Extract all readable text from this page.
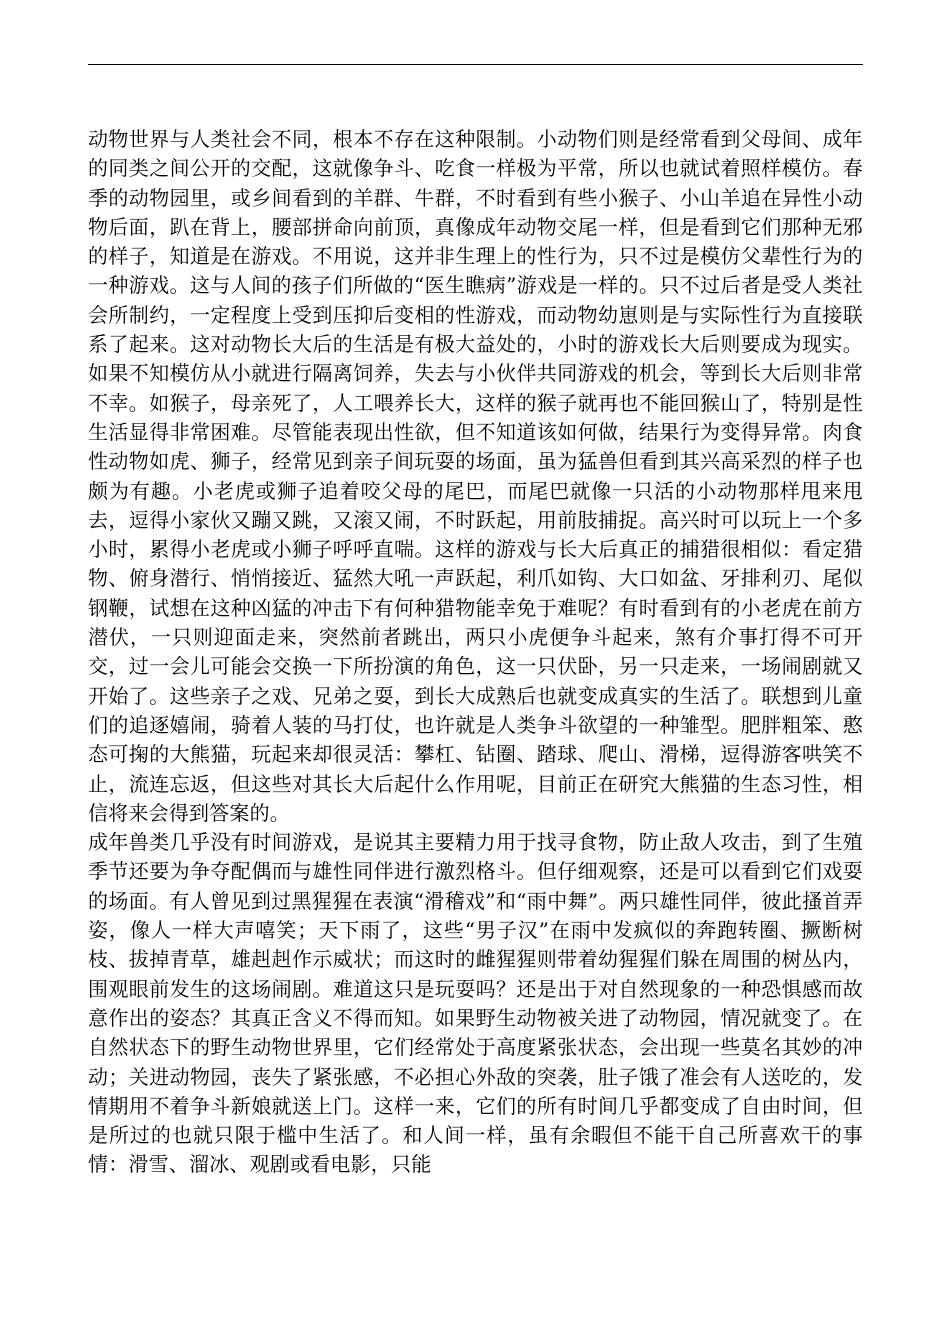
动物世界与人类社会不同，根本不存在这种限制。小动物们则是经常看到父母间、成年的同类之间公开的交配，这就像争斗、吃食一样极为平常，所以也就试着照样模仿。春季的动物园里，或乡间看到的羊群、牛群，不时看到有些小猴子、小山羊追在异性小动物后面，趴在背上，腰部拼命向前顶，真像成年动物交尾一样，但是看到它们那种无邪的样子，知道是在游戏。不用说，这并非生理上的性行为，只不过是模仿父辈性行为的一种游戏。这与人间的孩子们所做的“医生瞧病”游戏是一样的。只不过后者是受人类社会所制约，一定程度上受到压抑后变相的性游戏，而动物幼崽则是与实际性行为直接联系了起来。这对动物长大后的生活是有极大益处的，小时的游戏长大后则要成为现实。如果不知模仿从小就进行隔离饲养，失去与小伙伴共同游戏的机会，等到长大后则非常不幸。如猴子，母亲死了，人工喂养长大，这样的猴子就再也不能回猴山了，特别是性生活显得非常困难。尽管能表现出性欲，但不知道该如何做，结果行为变得异常。肉食性动物如虎、狮子，经常见到亲子间玩耍的场面，虽为猛兽但看到其兴高采烈的样子也颇为有趣。小老虎或狮子追着咬父母的尾巴，而尾巴就像一只活的小动物那样甩来甩去，逗得小家伙又蹦又跳，又滚又闹，不时跃起，用前肢捕捉。高兴时可以玩上一个多小时，累得小老虎或小狮子呼呼直喘。这样的游戏与长大后真正的捕猎很相似：看定猎物、俯身潜行、悄悄接近、猛然大吼一声跃起，利爪如钩、大口如盆、牙排利刃、尾似钢鞭，试想在这种凶猛的冲击下有何种猎物能幸免于难呢？有时看到有的小老虎在前方潜伏，一只则迎面走来，突然前者跳出，两只小虎便争斗起来，煞有介事打得不可开交，过一会儿可能会交换一下所扮演的角色，这一只伏卧，另一只走来，一场闹剧就又开始了。这些亲子之戏、兄弟之耍，到长大成熟后也就变成真实的生活了。联想到儿童们的追逐嬉闹，骑着人装的马打仗，也许就是人类争斗欲望的一种雏型。肥胖粗笨、憨态可掬的大熊猫，玩起来却很灵活：攀杠、钻圈、踏球、爬山、滑梯，逗得游客哄笑不止，流连忘返，但这些对其长大后起什么作用呢，目前正在研究大熊猫的生态习性，相信将来会得到答案的。

成年兽类几乎没有时间游戏，是说其主要精力用于找寻食物，防止敌人攻击，到了生殖季节还要为争夺配偶而与雄性同伴进行激烈格斗。但仔细观察，还是可以看到它们戏耍的场面。有人曾见到过黑猩猩在表演“滑稽戏”和“雨中舞”。两只雄性同伴，彼此搔首弄姿，像人一样大声嘻笑；天下雨了，这些“男子汉”在雨中发疯似的奔跑转圈、撅断树枝、拔掉青草，雄赳赳作示威状；而这时的雌猩猩则带着幼猩猩们躲在周围的树丛内，围观眼前发生的这场闹剧。难道这只是玩耍吗？还是出于对自然现象的一种恐惧感而故意作出的姿态？其真正含义不得而知。如果野生动物被关进了动物园，情况就变了。在自然状态下的野生动物世界里，它们经常处于高度紧张状态，会出现一些莫名其妙的冲动；关进动物园，丧失了紧张感，不必担心外敌的突袭，肚子饿了准会有人送吃的，发情期用不着争斗新娘就送上门。这样一来，它们的所有时间几乎都变成了自由时间，但是所过的也就只限于槛中生活了。和人间一样，虽有余暇但不能干自己所喜欢干的事情：滑雪、溜冰、观剧或看电影，只能
